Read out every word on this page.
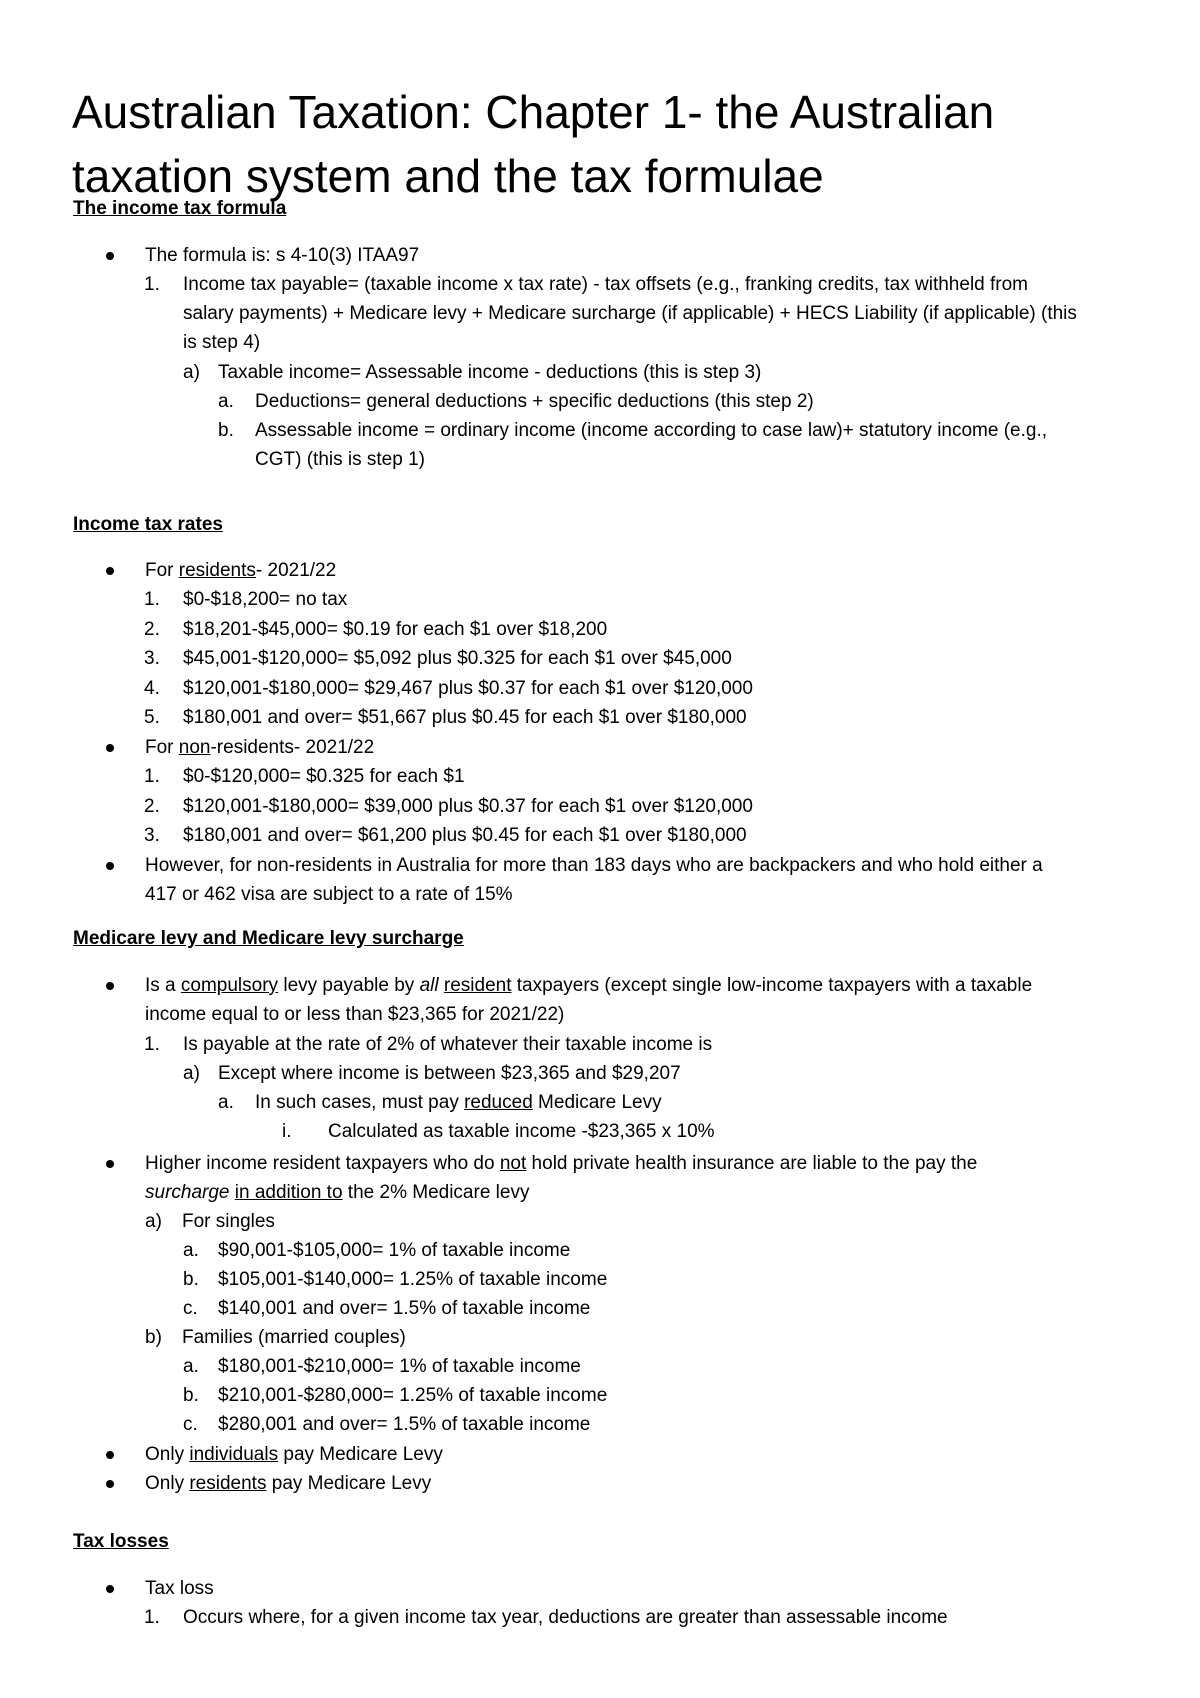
Australian Taxation: Chapter 1- the Australian taxation system and the tax formulae
The income tax formula
The formula is: s 4-10(3) ITAA97
1. Income tax payable= (taxable income x tax rate) - tax offsets (e.g., franking credits, tax withheld from
salary payments) + Medicare levy + Medicare surcharge (if applicable) + HECS Liability (if applicable) (this
is step 4)
a) Taxable income= Assessable income - deductions (this is step 3)
a. Deductions= general deductions + specific deductions (this step 2)
b. Assessable income = ordinary income (income according to case law)+ statutory income (e.g.,
CGT) (this is step 1)
Income tax rates
For residents- 2021/22
1. $0-$18,200= no tax
2. $18,201-$45,000= $0.19 for each $1 over $18,200
3. $45,001-$120,000= $5,092 plus $0.325 for each $1 over $45,000
4. $120,001-$180,000= $29,467 plus $0.37 for each $1 over $120,000
5. $180,001 and over= $51,667 plus $0.45 for each $1 over $180,000
For non-residents- 2021/22
1. $0-$120,000= $0.325 for each $1
2. $120,001-$180,000= $39,000 plus $0.37 for each $1 over $120,000
3. $180,001 and over= $61,200 plus $0.45 for each $1 over $180,000
However, for non-residents in Australia for more than 183 days who are backpackers and who hold either a
417 or 462 visa are subject to a rate of 15%
Medicare levy and Medicare levy surcharge
Is a compulsory levy payable by all resident taxpayers (except single low-income taxpayers with a taxable
income equal to or less than $23,365 for 2021/22)
1. Is payable at the rate of 2% of whatever their taxable income is
a) Except where income is between $23,365 and $29,207
a. In such cases, must pay reduced Medicare Levy
i. Calculated as taxable income -$23,365 x 10%
Higher income resident taxpayers who do not hold private health insurance are liable to the pay the
surcharge in addition to the 2% Medicare levy
a) For singles
a. $90,001-$105,000= 1% of taxable income
b. $105,001-$140,000= 1.25% of taxable income
c. $140,001 and over= 1.5% of taxable income
b) Families (married couples)
a. $180,001-$210,000= 1% of taxable income
b. $210,001-$280,000= 1.25% of taxable income
c. $280,001 and over= 1.5% of taxable income
Only individuals pay Medicare Levy
Only residents pay Medicare Levy
Tax losses
Tax loss
1. Occurs where, for a given income tax year, deductions are greater than assessable income
